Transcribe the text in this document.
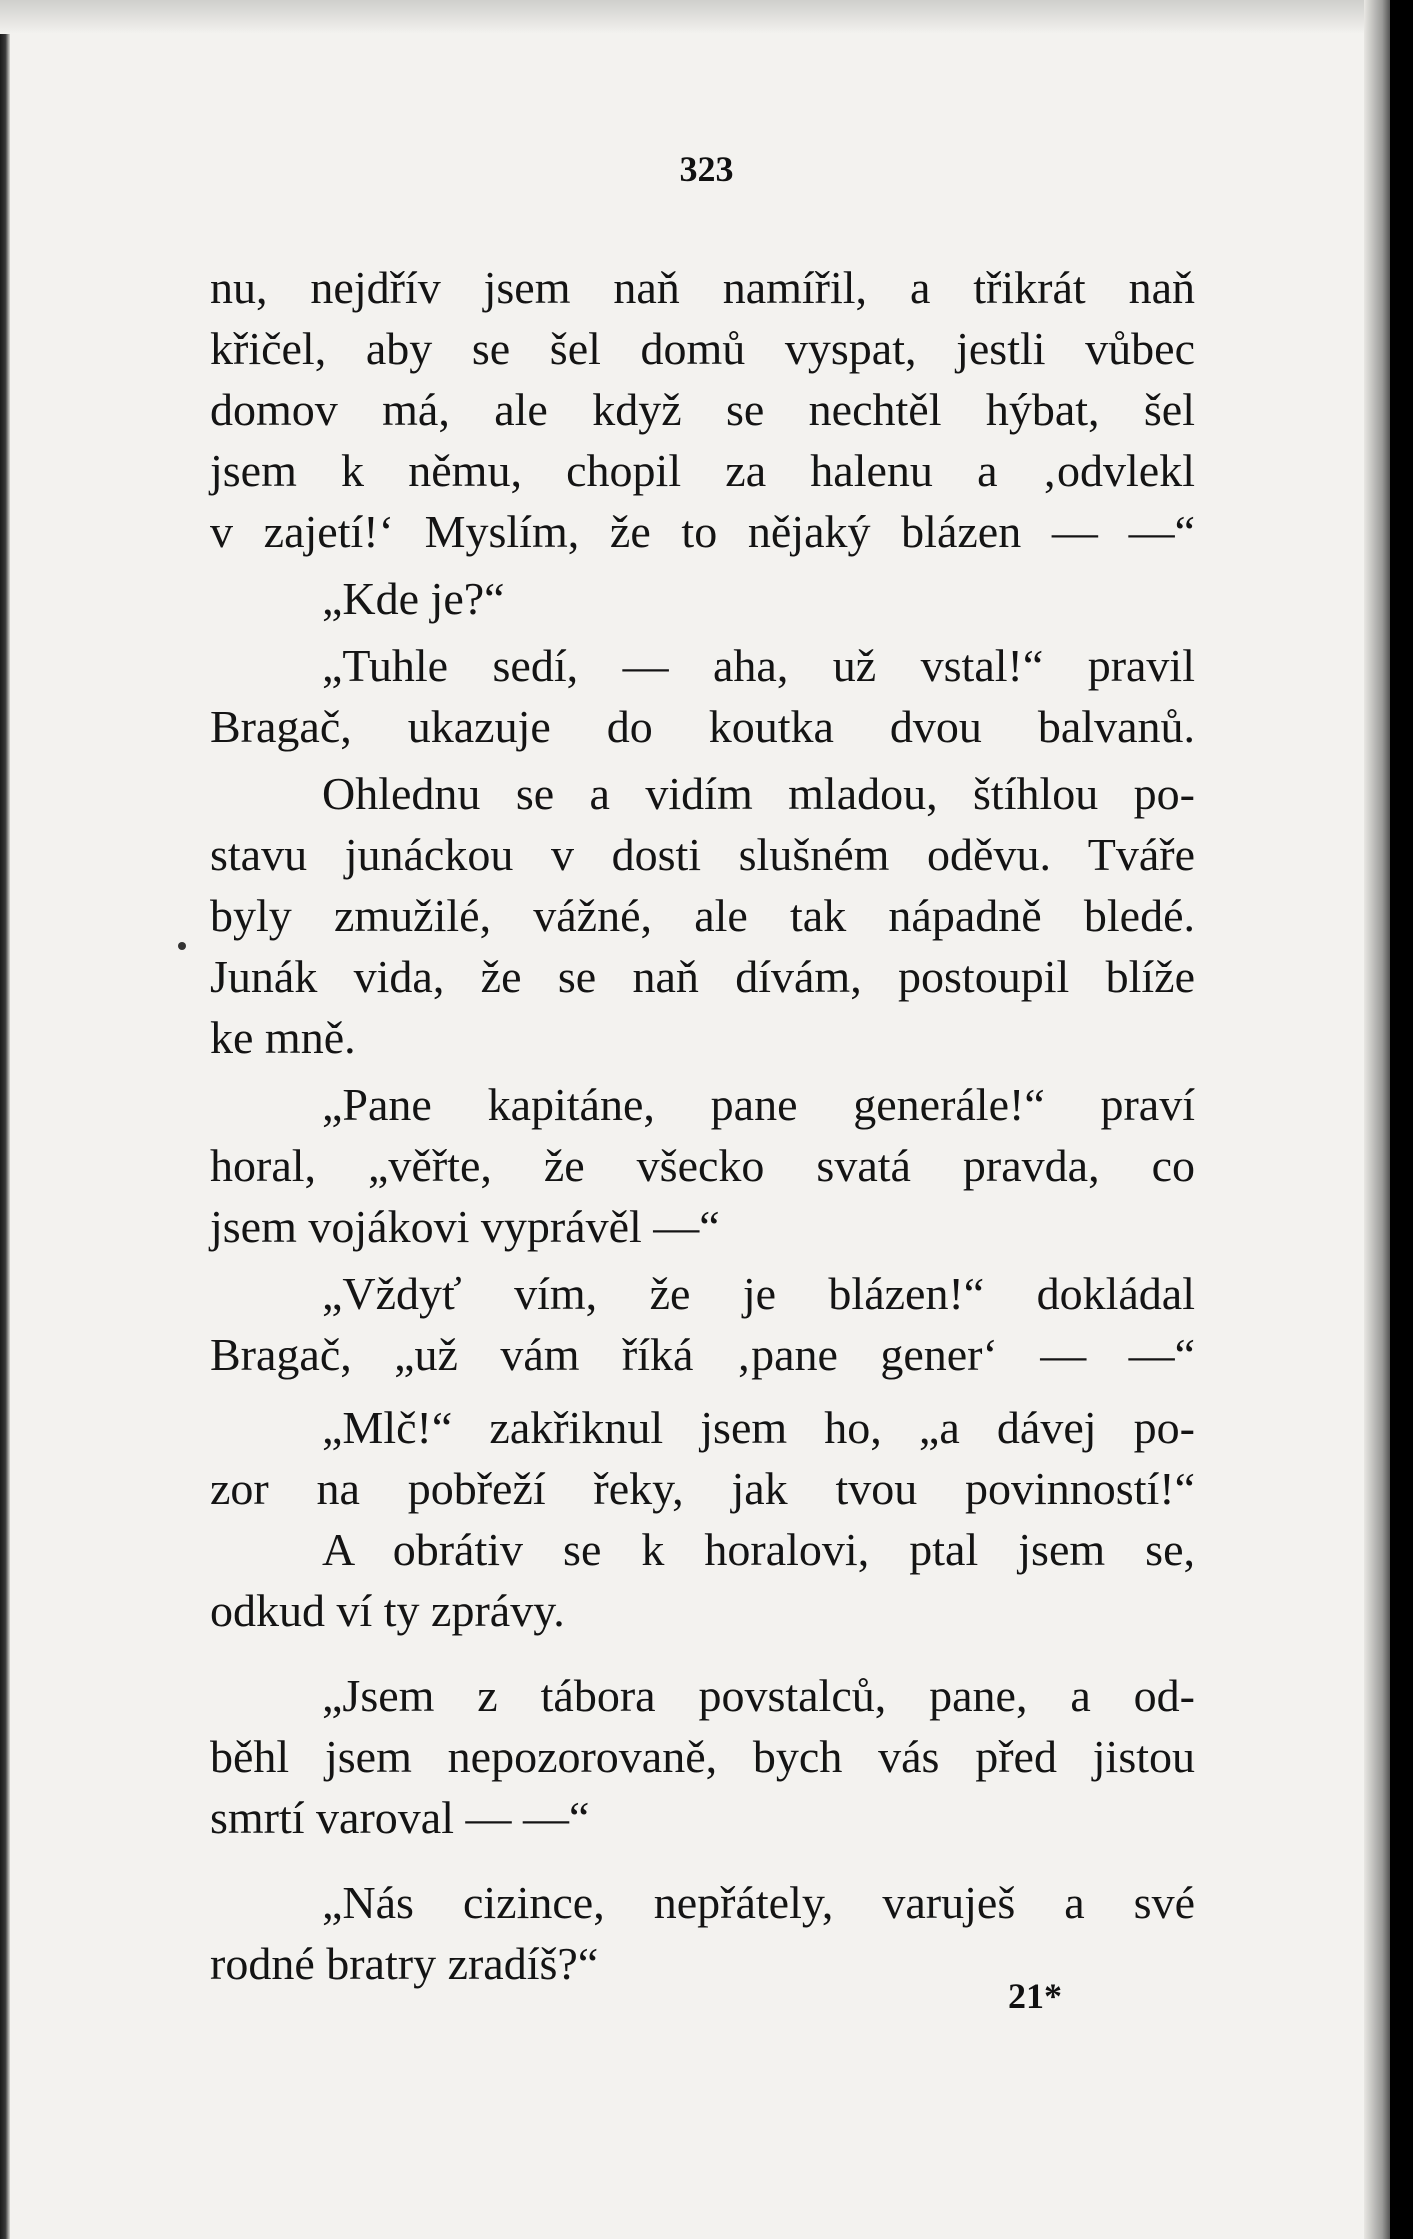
323
nu, nejdřív jsem naň namířil, a třikrát naň
křičel, aby se šel domů vyspat, jestli vůbec
domov má, ale když se nechtěl hýbat, šel
jsem k němu, chopil za halenu a ‚odvlekl
v zajetí!‘ Myslím, že to nějaký blázen — —“
„Kde je?“
„Tuhle sedí, — aha, už vstal!“ pravil
Bragač, ukazuje do koutka dvou balvanů.
Ohlednu se a vidím mladou, štíhlou po-
stavu junáckou v dosti slušném oděvu. Tváře
byly zmužilé, vážné, ale tak nápadně bledé.
Junák vida, že se naň dívám, postoupil blíže
ke mně.
„Pane kapitáne, pane generále!“ praví
horal, „věřte, že všecko svatá pravda, co
jsem vojákovi vyprávěl —“
„Vždyť vím, že je blázen!“ dokládal
Bragač, „už vám říká ‚pane gener‘ — —“
„Mlč!“ zakřiknul jsem ho, „a dávej po-
zor na pobřeží řeky, jak tvou povinností!“
A obrátiv se k horalovi, ptal jsem se,
odkud ví ty zprávy.
„Jsem z tábora povstalců, pane, a od-
běhl jsem nepozorovaně, bych vás před jistou
smrtí varoval — —“
„Nás cizince, nepřátely, varuješ a své
rodné bratry zradíš?“
21*
